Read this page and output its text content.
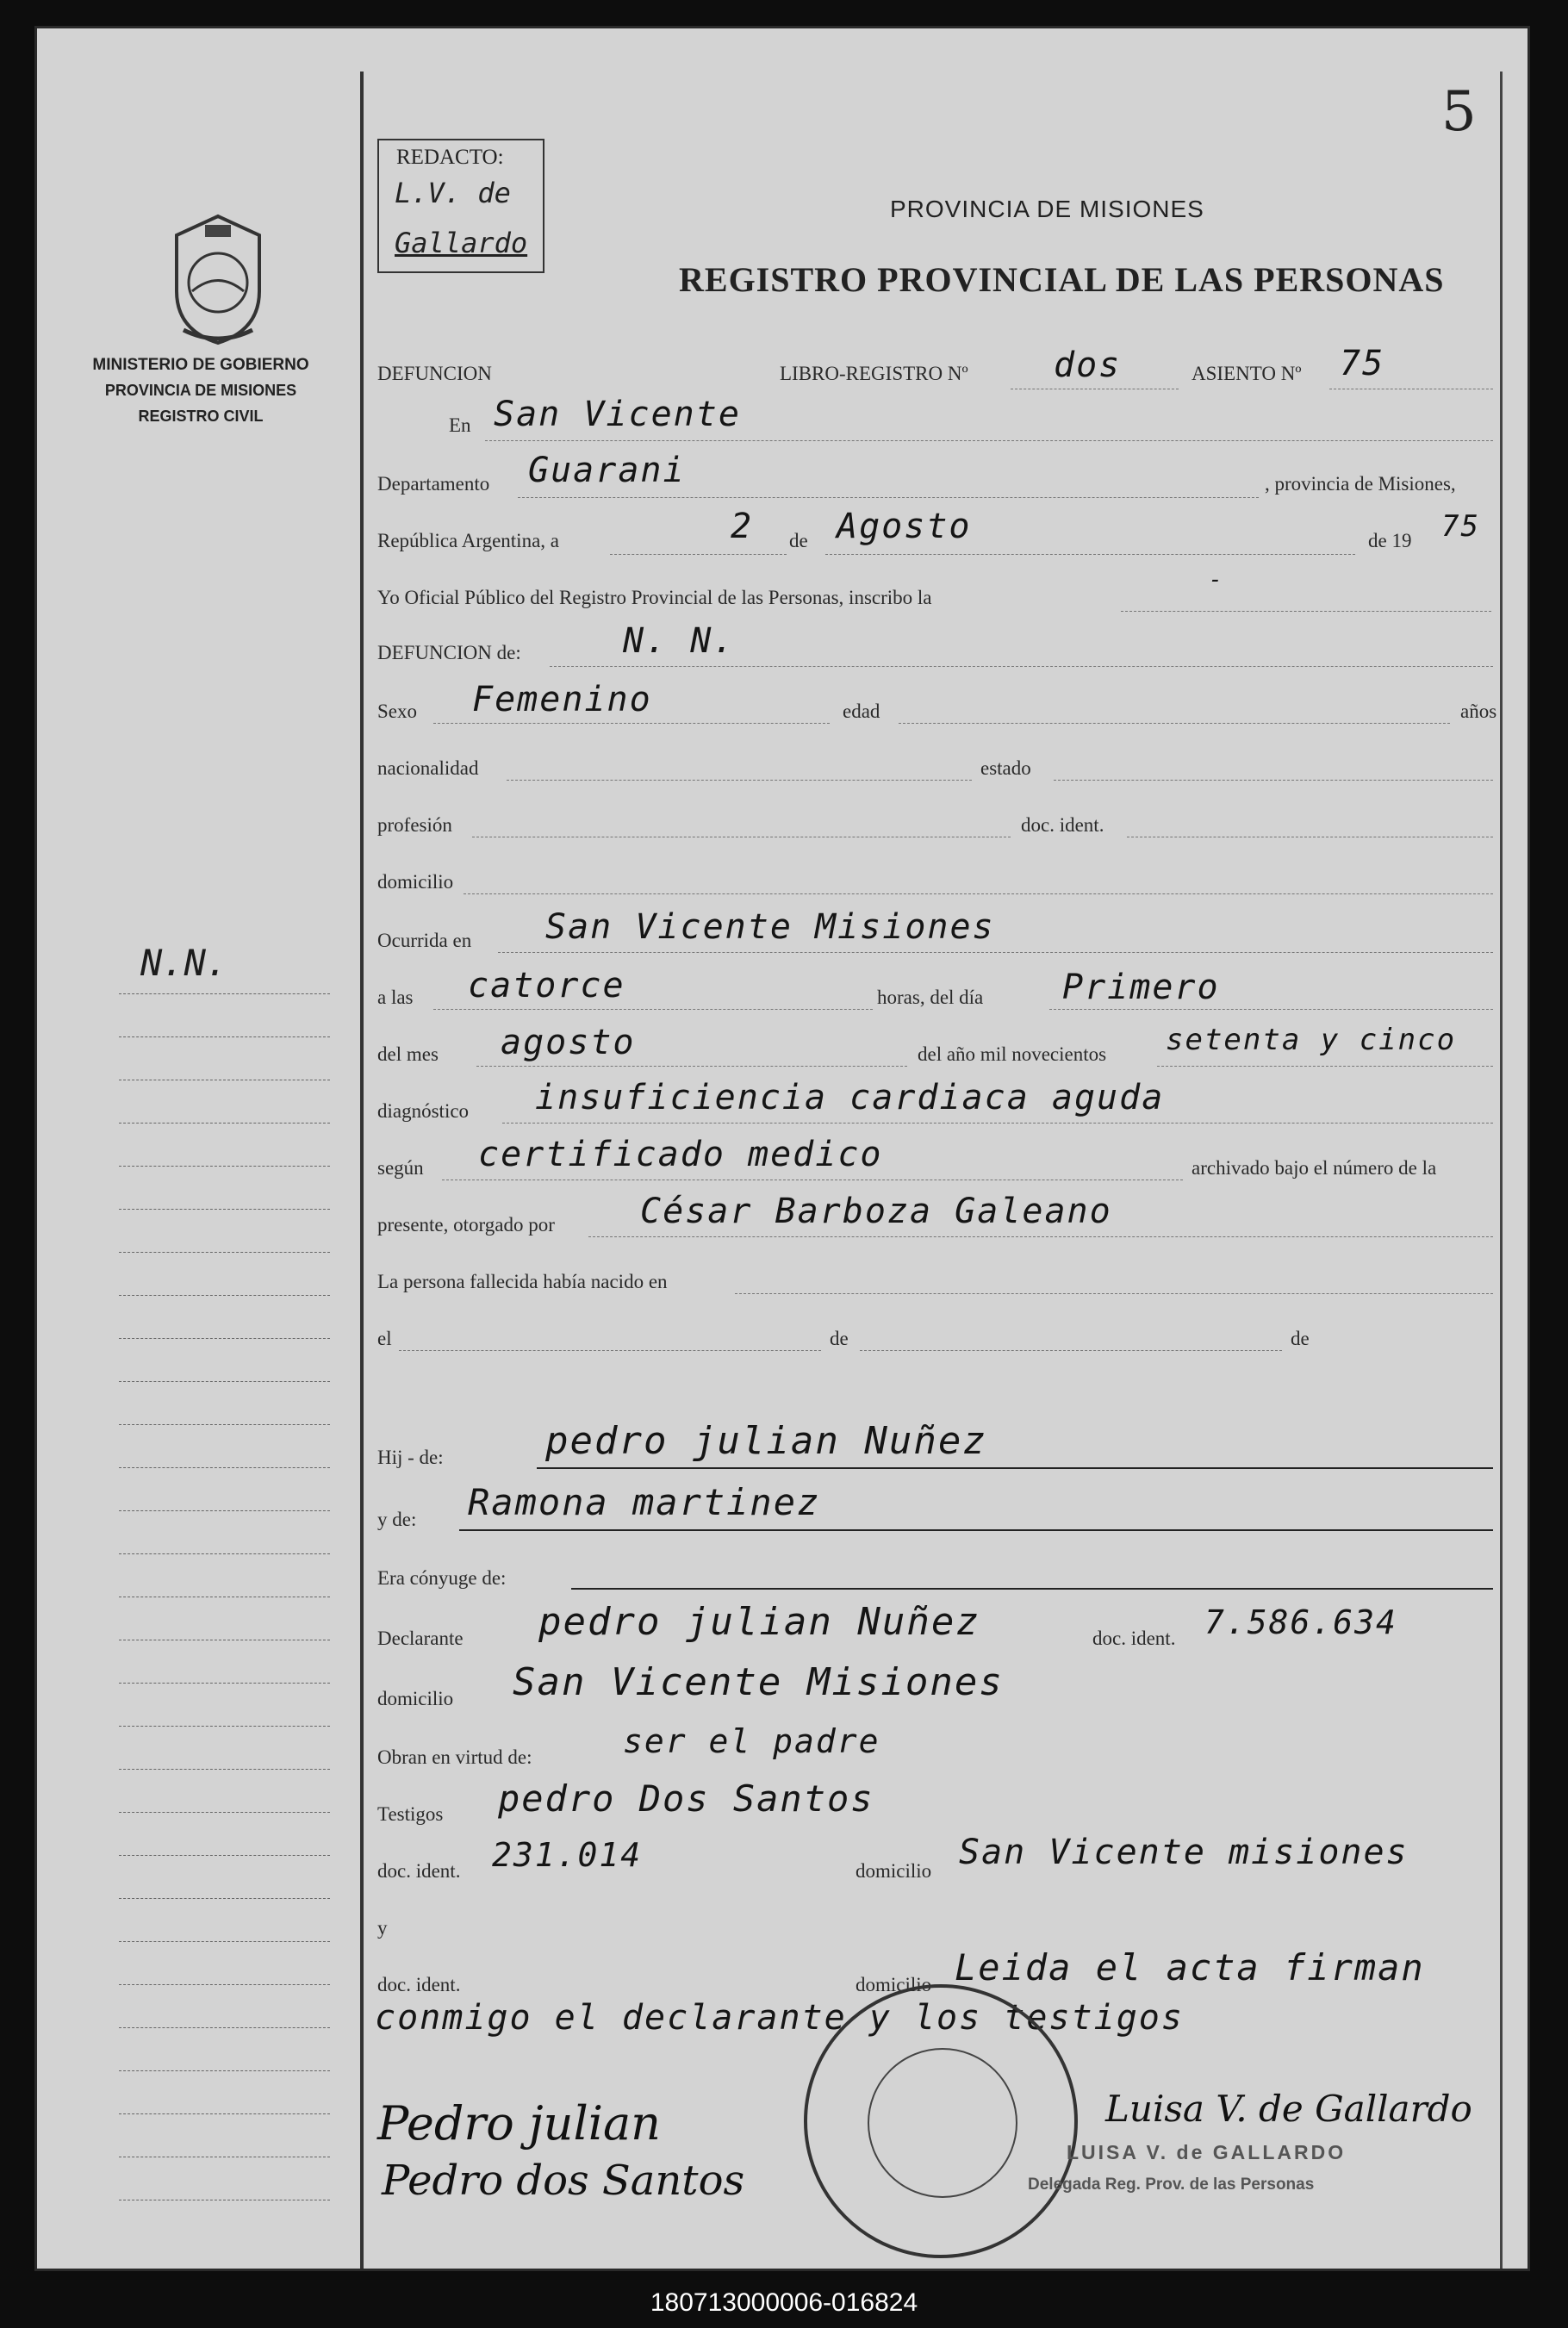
5
MINISTERIO DE GOBIERNO
PROVINCIA DE MISIONES
REGISTRO CIVIL
N.N.
REDACTO:
L.V. de
Gallardo
PROVINCIA DE MISIONES
REGISTRO PROVINCIAL DE LAS PERSONAS
DEFUNCION	LIBRO-REGISTRO Nº dos	ASIENTO Nº 75
En San Vicente
Departamento Guarani	, provincia de Misiones,
República Argentina, a	2 de Agosto	de 19 75
Yo Oficial Público del Registro Provincial de las Personas, inscribo la
-
DEFUNCION de:	N. N.
Sexo Femenino	edad	años
nacionalidad	estado
profesión	doc. ident.
domicilio
Ocurrida en San Vicente Misiones
a las catorce	horas, del día Primero
del mes agosto	del año mil novecientos setenta y cinco
diagnóstico insuficiencia cardiaca aguda
según certificado medico	archivado bajo el número de la
presente, otorgado por César Barboza Galeano
La persona fallecida había nacido en
el	de	de
Hij - de:	pedro julian Nuñez
y de: Ramona martinez
Era cónyuge de:
Declarante pedro julian Nuñez	doc. ident. 7.586.634
domicilio San Vicente Misiones
Obran en virtud de:	ser el padre
Testigos pedro Dos Santos
doc. ident. 231.014	domicilio San Vicente misiones
y
doc. ident.	domicilio Leida el acta firman
conmigo el declarante y los testigos
Pedro julian
Pedro dos Santos
Luisa V. de Gallardo
LUISA V. de GALLARDO
Delegada Reg. Prov. de las Personas
180713000006-016824
